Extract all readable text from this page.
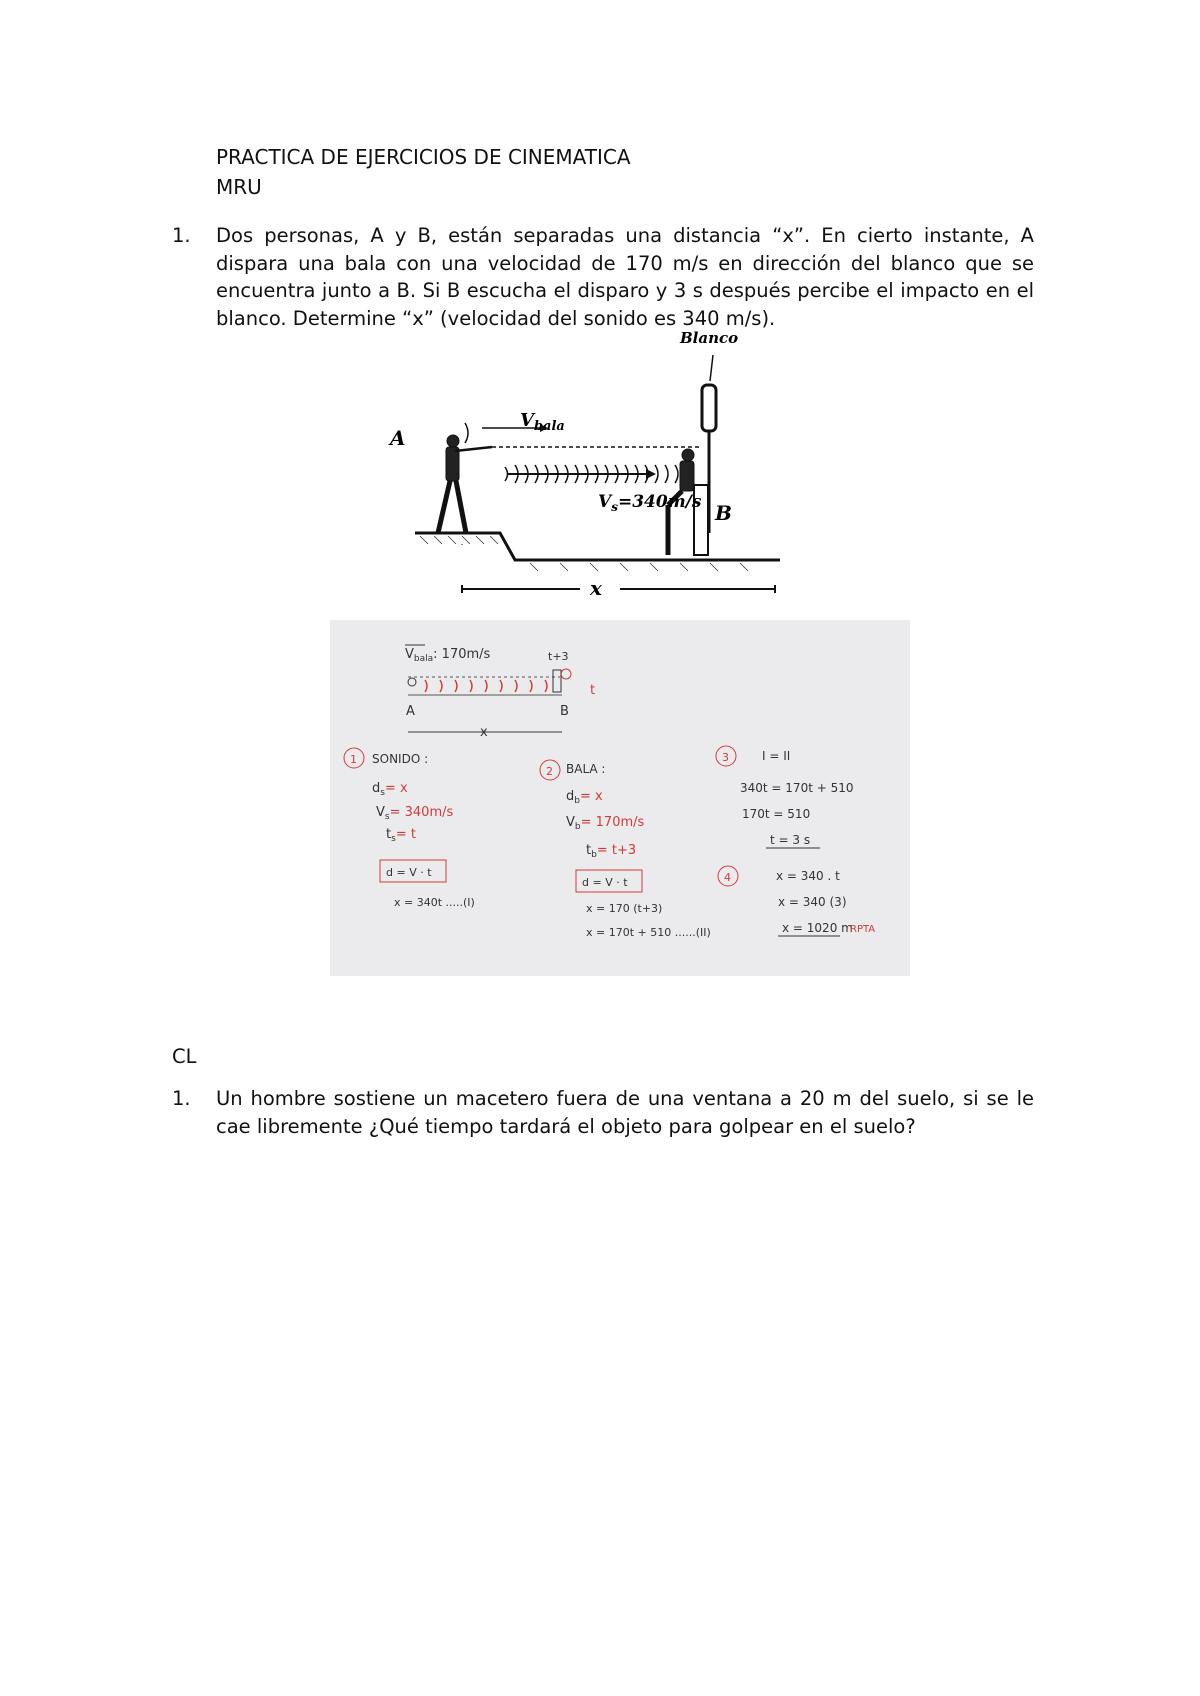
PRACTICA DE EJERCICIOS DE CINEMATICA
MRU
1. Dos personas, A y B, están separadas una distancia “x”. En cierto instante, A dispara una bala con una velocidad de 170 m/s en dirección del blanco que se encuentra junto a B. Si B escucha el disparo y 3 s después percibe el impacto en el blanco. Determine “x” (velocidad del sonido es 340 m/s).
Blanco
A
B
$V_{bala}$
$V_s=340m/s$
x
$V_{bala}$: 170m/s	t+3
t
A	B
x
1 SONIDO :
$d_s= x$
$V_s= 340m/s$
$t_s= t$
d = V · t
x = 340t .....(I)
2 BALA :
$d_b= x$
$V_b= 170m/s$
$t_b= t+3$
d = V · t
x = 170 (t+3)
x = 170t + 510 ......(II)
3	I = II
340t = 170t + 510
170t = 510
t = 3 s
4	x = 340 . t
x = 340 (3)
x = 1020 m
RPTA
CL
1. Un hombre sostiene un macetero fuera de una ventana a 20 m del suelo, si se le cae libremente ¿Qué tiempo tardará el objeto para golpear en el suelo?
